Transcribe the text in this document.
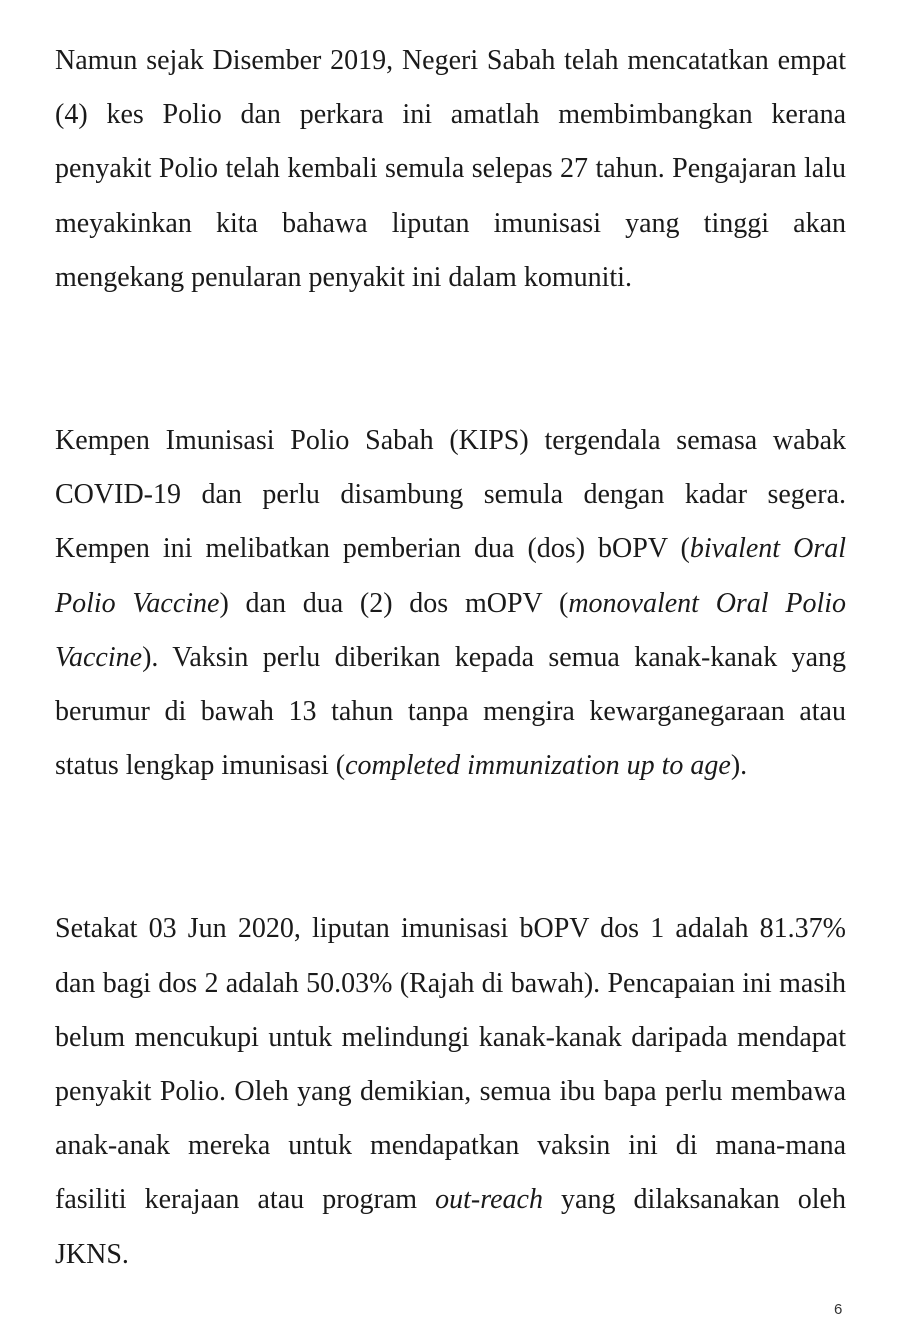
Namun sejak Disember 2019, Negeri Sabah telah mencatatkan empat (4) kes Polio dan perkara ini amatlah membimbangkan kerana penyakit Polio telah kembali semula selepas 27 tahun. Pengajaran lalu meyakinkan kita bahawa liputan imunisasi yang tinggi akan mengekang penularan penyakit ini dalam komuniti.

Kempen Imunisasi Polio Sabah (KIPS) tergendala semasa wabak COVID-19 dan perlu disambung semula dengan kadar segera. Kempen ini melibatkan pemberian dua (dos) bOPV (bivalent Oral Polio Vaccine) dan dua (2) dos mOPV (monovalent Oral Polio Vaccine). Vaksin perlu diberikan kepada semua kanak-kanak yang berumur di bawah 13 tahun tanpa mengira kewarganegaraan atau status lengkap imunisasi (completed immunization up to age).

Setakat 03 Jun 2020, liputan imunisasi bOPV dos 1 adalah 81.37% dan bagi dos 2 adalah 50.03% (Rajah di bawah). Pencapaian ini masih belum mencukupi untuk melindungi kanak-kanak daripada mendapat penyakit Polio. Oleh yang demikian, semua ibu bapa perlu membawa anak-anak mereka untuk mendapatkan vaksin ini di mana-mana fasiliti kerajaan atau program out-reach yang dilaksanakan oleh JKNS.

6
